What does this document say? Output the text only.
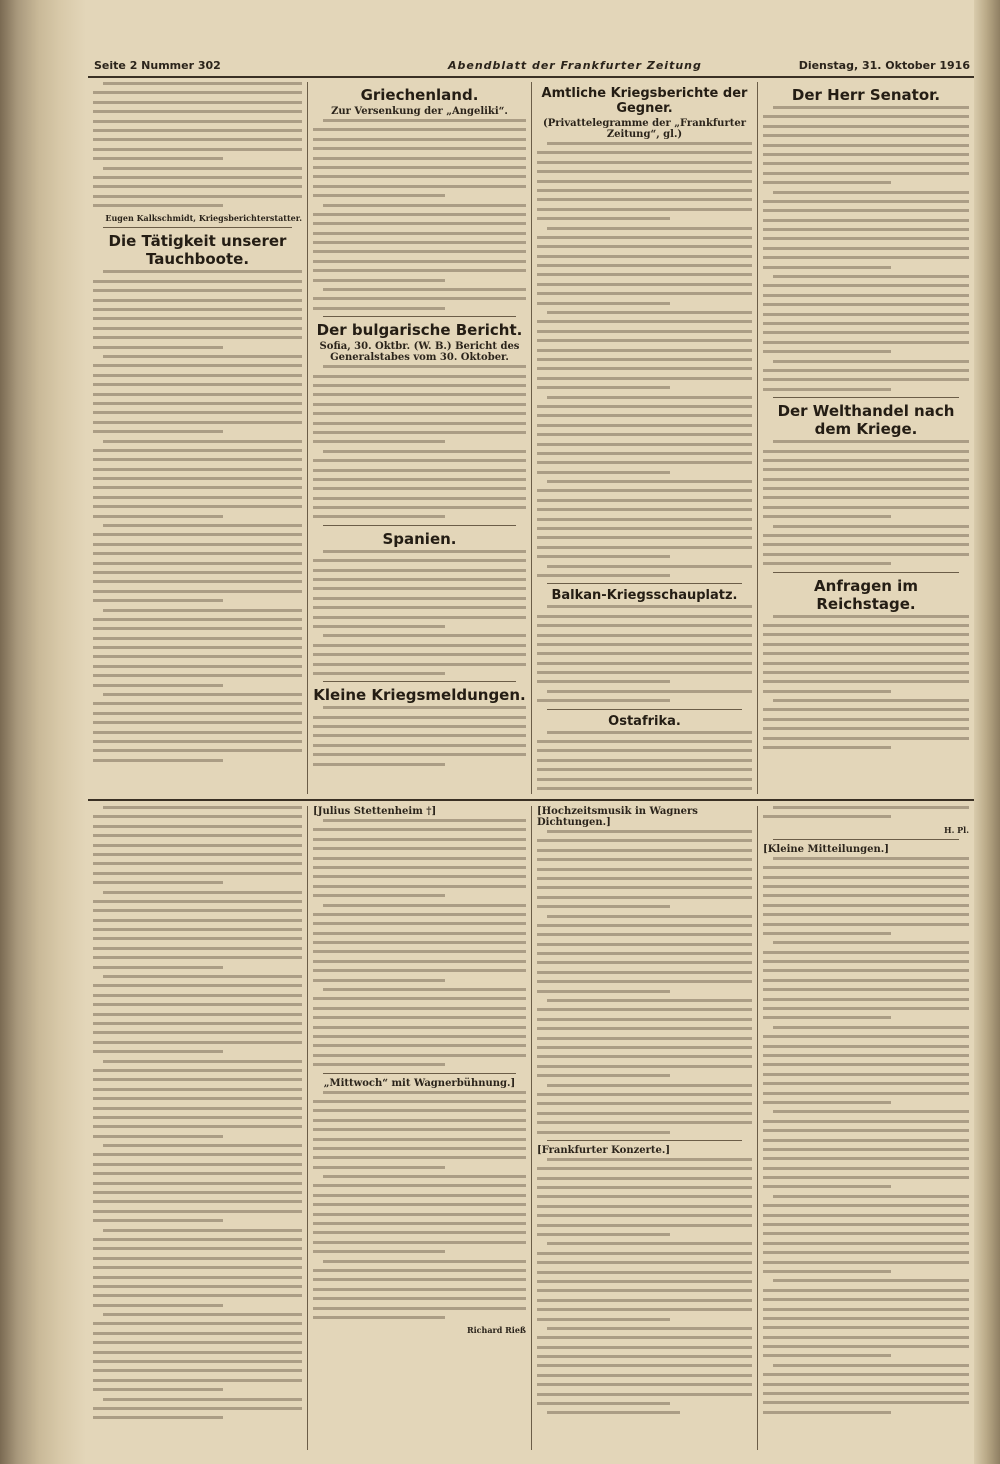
Seite 2 Nummer 302	Abendblatt der Frankfurter Zeitung	Dienstag, 31. Oktober 1916
Eugen Kalkschmidt, Kriegsberichterstatter.
Die Tätigkeit unserer Tauchboote.
Griechenland.
Zur Versenkung der „Angeliki“.
Der bulgarische Bericht.
Sofia, 30. Oktbr. (W. B.) Bericht des Generalstabes vom 30. Oktober.
Spanien.
Kleine Kriegsmeldungen.
Amtliche Kriegsberichte der Gegner.
(Privattelegramme der „Frankfurter Zeitung“, gl.)
Balkan-Kriegsschauplatz.
Ostafrika.
Der Herr Senator.
Der Welthandel nach dem Kriege.
Anfragen im Reichstage.
[Julius Stettenheim †]
„Mittwoch“ mit Wagnerbühnung.]
Richard Rieß
[Hochzeitsmusik in Wagners Dichtungen.]
[Frankfurter Konzerte.]
H. Pl.
[Kleine Mitteilungen.]
